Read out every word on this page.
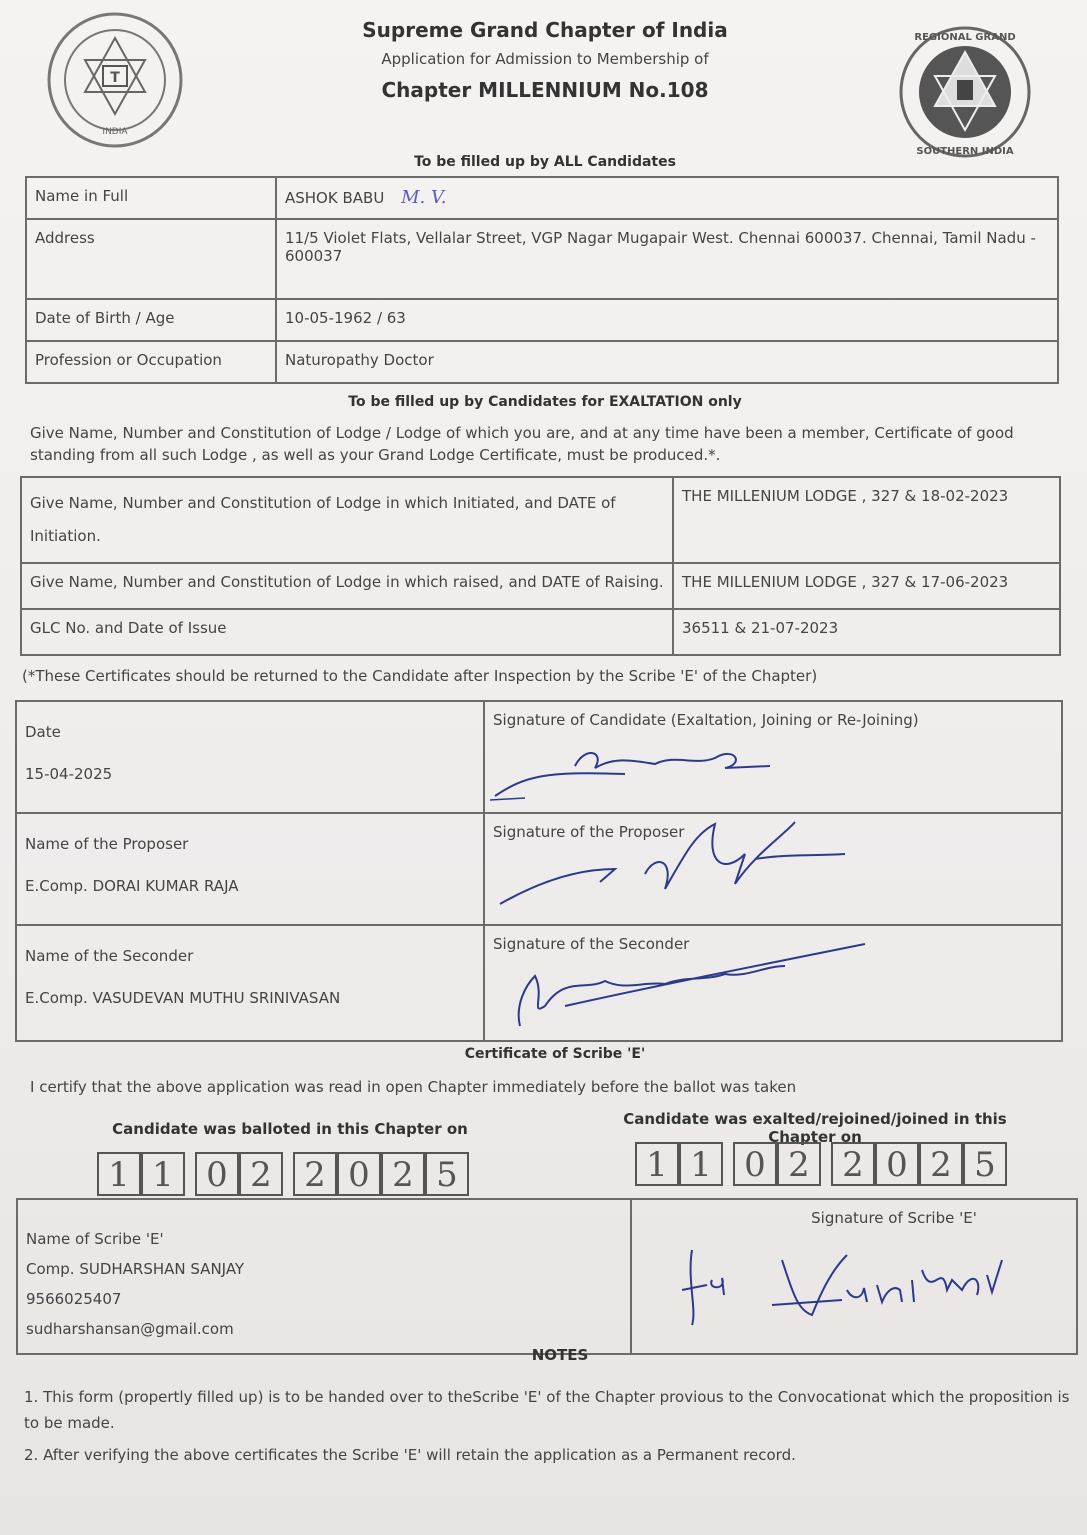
T
INDIA
REGIONAL GRAND
SOUTHERN INDIA
Supreme Grand Chapter of India
Application for Admission to Membership of
Chapter MILLENNIUM No.108
To be filled up by ALL Candidates
Name in Full	ASHOK BABU M. V.
Address	11/5 Violet Flats, Vellalar Street, VGP Nagar Mugapair West. Chennai 600037. Chennai, Tamil Nadu - 600037
Date of Birth / Age	10-05-1962 / 63
Profession or Occupation	Naturopathy Doctor
To be filled up by Candidates for EXALTATION only
Give Name, Number and Constitution of Lodge / Lodge of which you are, and at any time have been a member, Certificate of good standing from all such Lodge , as well as your Grand Lodge Certificate, must be produced.*.
Give Name, Number and Constitution of Lodge in which Initiated, and DATE of Initiation.	THE MILLENIUM LODGE , 327 & 18-02-2023
Give Name, Number and Constitution of Lodge in which raised, and DATE of Raising.	THE MILLENIUM LODGE , 327 & 17-06-2023
GLC No. and Date of Issue	36511 & 21-07-2023
(*These Certificates should be returned to the Candidate after Inspection by the Scribe 'E' of the Chapter)
Date
15-04-2025	Signature of Candidate (Exaltation, Joining or Re-Joining)

Name of the Proposer
E.Comp. DORAI KUMAR RAJA	Signature of the Proposer

Name of the Seconder
E.Comp. VASUDEVAN MUTHU SRINIVASAN	Signature of the Seconder
Certificate of Scribe 'E'
I certify that the above application was read in open Chapter immediately before the ballot was taken
Candidate was balloted in this Chapter on
1 1 0 2 2 0 2 5
Candidate was exalted/rejoined/joined in this Chapter on
1 1 0 2 2 0 2 5
Name of Scribe 'E'
Comp. SUDHARSHAN SANJAY
9566025407
sudharshansan@gmail.com

Signature of Scribe 'E'
NOTES
1. This form (propertly filled up) is to be handed over to theScribe 'E' of the Chapter provious to the Convocationat which the proposition is to be made.
2. After verifying the above certificates the Scribe 'E' will retain the application as a Permanent record.
